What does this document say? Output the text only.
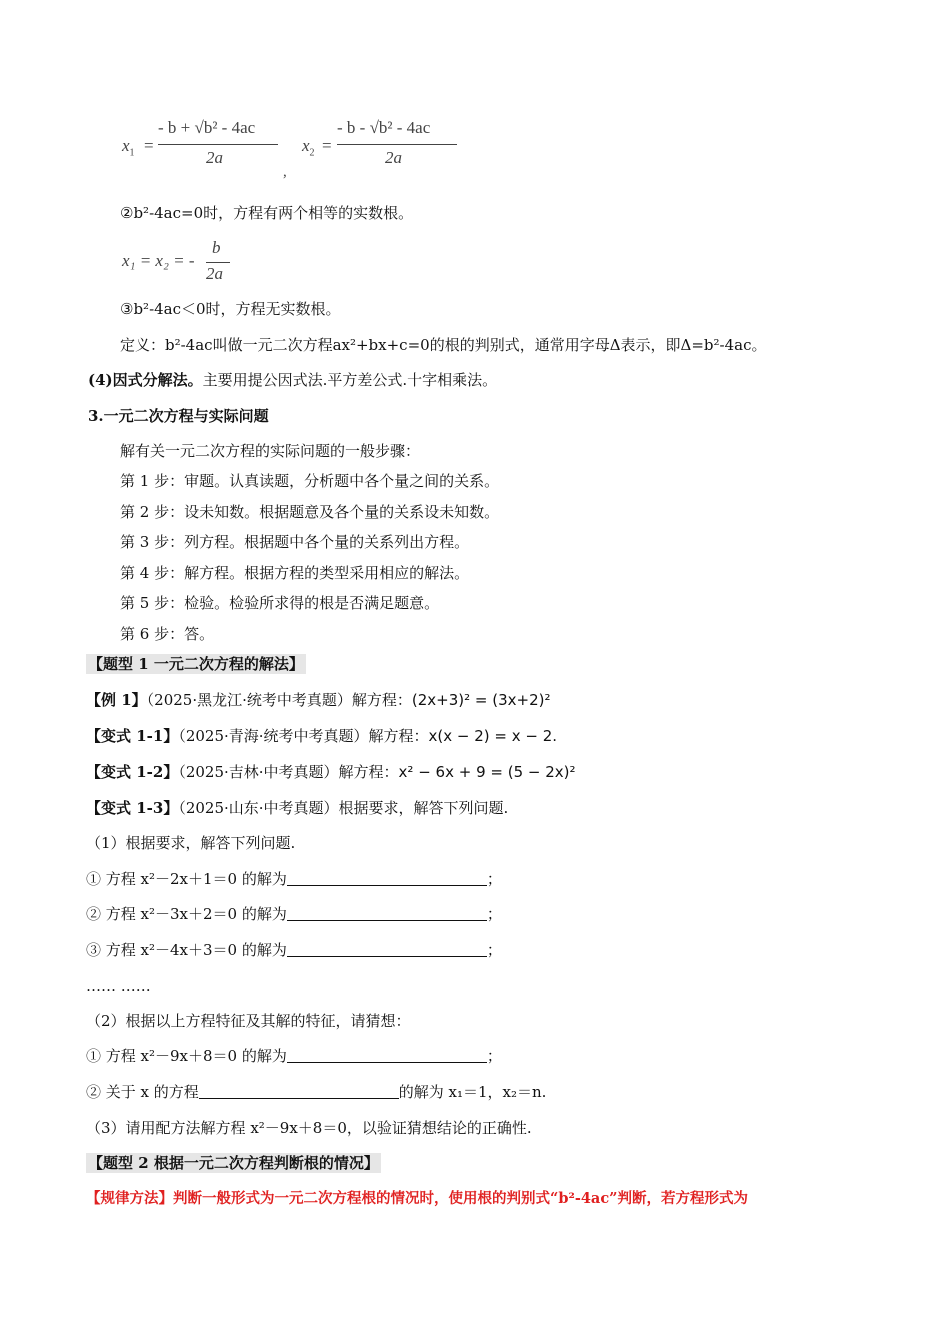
$x_1$ =
- b + √b² - 4ac
2a
,
$x_2$ =
- b - √b² - 4ac
2a
②b²-4ac=0时，方程有两个相等的实数根。
x₁ = x₂ = -
b
2a
③b²-4ac＜0时，方程无实数根。
定义：b²-4ac叫做一元二次方程ax²+bx+c=0的根的判别式，通常用字母Δ表示，即Δ=b²-4ac。
(4)因式分解法。主要用提公因式法.平方差公式.十字相乘法。
3.一元二次方程与实际问题
解有关一元二次方程的实际问题的一般步骤：
第 1 步：审题。认真读题，分析题中各个量之间的关系。
第 2 步：设未知数。根据题意及各个量的关系设未知数。
第 3 步：列方程。根据题中各个量的关系列出方程。
第 4 步：解方程。根据方程的类型采用相应的解法。
第 5 步：检验。检验所求得的根是否满足题意。
第 6 步：答。
【题型 1 一元二次方程的解法】
【例 1】（2025·黑龙江·统考中考真题）解方程：(2x+3)² = (3x+2)²
【变式 1-1】（2025·青海·统考中考真题）解方程：x(x − 2) = x − 2.
【变式 1-2】（2025·吉林·中考真题）解方程：x² − 6x + 9 = (5 − 2x)²
【变式 1-3】（2025·山东·中考真题）根据要求，解答下列问题.
（1）根据要求，解答下列问题.
① 方程 x²－2x＋1＝0 的解为	；
② 方程 x²－3x＋2＝0 的解为	；
③ 方程 x²－4x＋3＝0 的解为	；
…… ……
（2）根据以上方程特征及其解的特征，请猜想：
① 方程 x²－9x＋8＝0 的解为	；
② 关于 x 的方程	的解为 x₁＝1，x₂＝n.
（3）请用配方法解方程 x²－9x＋8＝0，以验证猜想结论的正确性.
【题型 2 根据一元二次方程判断根的情况】
【规律方法】判断一般形式为一元二次方程根的情况时，使用根的判别式“b²-4ac”判断，若方程形式为
